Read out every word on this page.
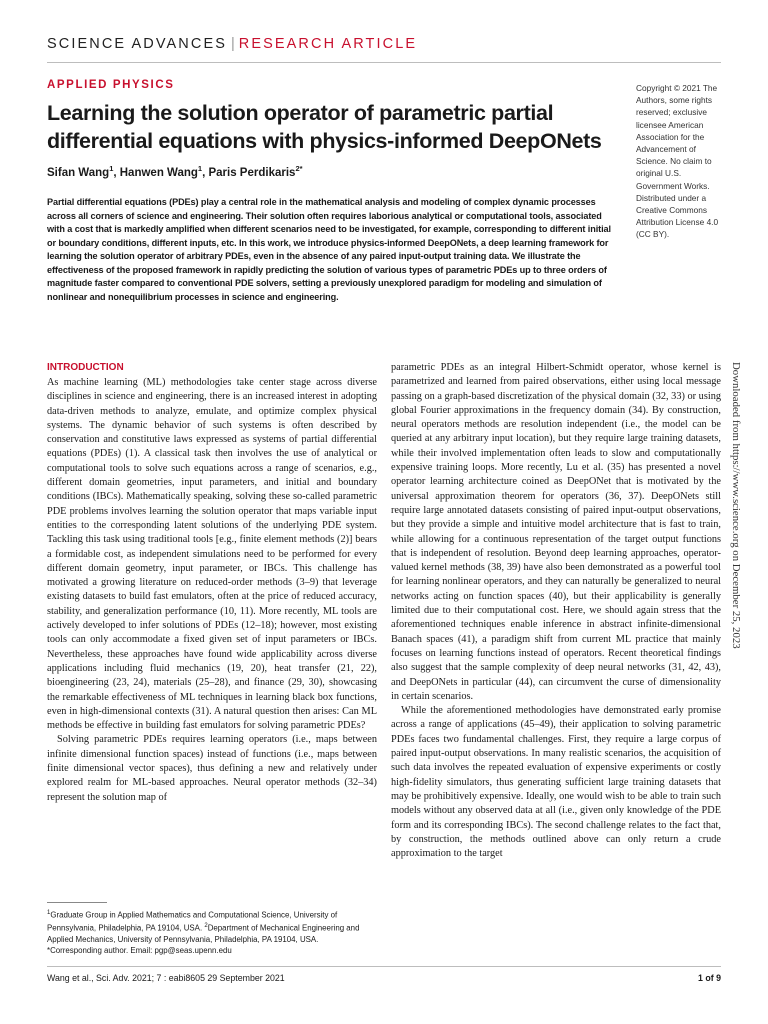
SCIENCE ADVANCES | RESEARCH ARTICLE
APPLIED PHYSICS
Learning the solution operator of parametric partial differential equations with physics-informed DeepONets
Sifan Wang$^1$, Hanwen Wang$^1$, Paris Perdikaris$^{2*}$

Partial differential equations (PDEs) play a central role in the mathematical analysis and modeling of complex dynamic processes across all corners of science and engineering. Their solution often requires laborious analytical or computational tools, associated with a cost that is markedly amplified when different scenarios need to be investigated, for example, corresponding to different initial or boundary conditions, different inputs, etc. In this work, we introduce physics-informed DeepONets, a deep learning framework for learning the solution operator of arbitrary PDEs, even in the absence of any paired input-output training data. We illustrate the effectiveness of the proposed framework in rapidly predicting the solution of various types of parametric PDEs up to three orders of magnitude faster compared to conventional PDE solvers, setting a previously unexplored paradigm for modeling and simulation of nonlinear and nonequilibrium processes in science and engineering.

Copyright © 2021 The Authors, some rights reserved; exclusive licensee American Association for the Advancement of Science. No claim to original U.S. Government Works. Distributed under a Creative Commons Attribution License 4.0 (CC BY).

INTRODUCTION

As machine learning (ML) methodologies take center stage across diverse disciplines in science and engineering, there is an increased interest in adopting data-driven methods to analyze, emulate, and optimize complex physical systems. The dynamic behavior of such systems is often described by conservation and constitutive laws expressed as systems of partial differential equations (PDEs) (1). A classical task then involves the use of analytical or computational tools to solve such equations across a range of scenarios, e.g., different domain geometries, input parameters, and initial and boundary conditions (IBCs). Mathematically speaking, solving these so-called parametric PDE problems involves learning the solution operator that maps variable input entities to the corresponding latent solutions of the underlying PDE system. Tackling this task using traditional tools [e.g., finite element methods (2)] bears a formidable cost, as independent simulations need to be performed for every different domain geometry, input parameter, or IBCs. This challenge has motivated a growing literature on reduced-order methods (3–9) that leverage existing datasets to build fast emulators, often at the price of reduced accuracy, stability, and generalization performance (10, 11). More recently, ML tools are actively developed to infer solutions of PDEs (12–18); however, most existing tools can only accommodate a fixed given set of input parameters or IBCs. Nevertheless, these approaches have found wide applicability across diverse applications including fluid mechanics (19, 20), heat transfer (21, 22), bioengineering (23, 24), materials (25–28), and finance (29, 30), showcasing the remarkable effectiveness of ML techniques in learning black box functions, even in high-dimensional contexts (31). A natural question then arises: Can ML methods be effective in building fast emulators for solving parametric PDEs?

Solving parametric PDEs requires learning operators (i.e., maps between infinite dimensional function spaces) instead of functions (i.e., maps between finite dimensional vector spaces), thus defining a new and relatively under explored realm for ML-based approaches. Neural operator methods (32–34) represent the solution map of

parametric PDEs as an integral Hilbert-Schmidt operator, whose kernel is parametrized and learned from paired observations, either using local message passing on a graph-based discretization of the physical domain (32, 33) or using global Fourier approximations in the frequency domain (34). By construction, neural operators methods are resolution independent (i.e., the model can be queried at any arbitrary input location), but they require large training datasets, while their involved implementation often leads to slow and computationally expensive training loops. More recently, Lu et al. (35) has presented a novel operator learning architecture coined as DeepONet that is motivated by the universal approximation theorem for operators (36, 37). DeepONets still require large annotated datasets consisting of paired input-output observations, but they provide a simple and intuitive model architecture that is fast to train, while allowing for a continuous representation of the target output functions that is independent of resolution. Beyond deep learning approaches, operator-valued kernel methods (38, 39) have also been demonstrated as a powerful tool for learning nonlinear operators, and they can naturally be generalized to neural networks acting on function spaces (40), but their applicability is generally limited due to their computational cost. Here, we should again stress that the aforementioned techniques enable inference in abstract infinite-dimensional Banach spaces (41), a paradigm shift from current ML practice that mainly focuses on learning functions instead of operators. Recent theoretical findings also suggest that the sample complexity of deep neural networks (31, 42, 43), and DeepONets in particular (44), can circumvent the curse of dimensionality in certain scenarios.

While the aforementioned methodologies have demonstrated early promise across a range of applications (45–49), their application to solving parametric PDEs faces two fundamental challenges. First, they require a large corpus of paired input-output observations. In many realistic scenarios, the acquisition of such data involves the repeated evaluation of expensive experiments or costly high-fidelity simulators, thus generating sufficient large training datasets that may be prohibitively expensive. Ideally, one would wish to be able to train such models without any observed data at all (i.e., given only knowledge of the PDE form and its corresponding IBCs). The second challenge relates to the fact that, by construction, the methods outlined above can only return a crude approximation to the target

$^1$Graduate Group in Applied Mathematics and Computational Science, University of Pennsylvania, Philadelphia, PA 19104, USA. $^2$Department of Mechanical Engineering and Applied Mechanics, University of Pennsylvania, Philadelphia, PA 19104, USA.
*Corresponding author. Email: pgp@seas.upenn.edu
Downloaded from https://www.science.org on December 25, 2023
Wang et al., Sci. Adv. 2021; 7 : eabi8605 29 September 2021	1 of 9
